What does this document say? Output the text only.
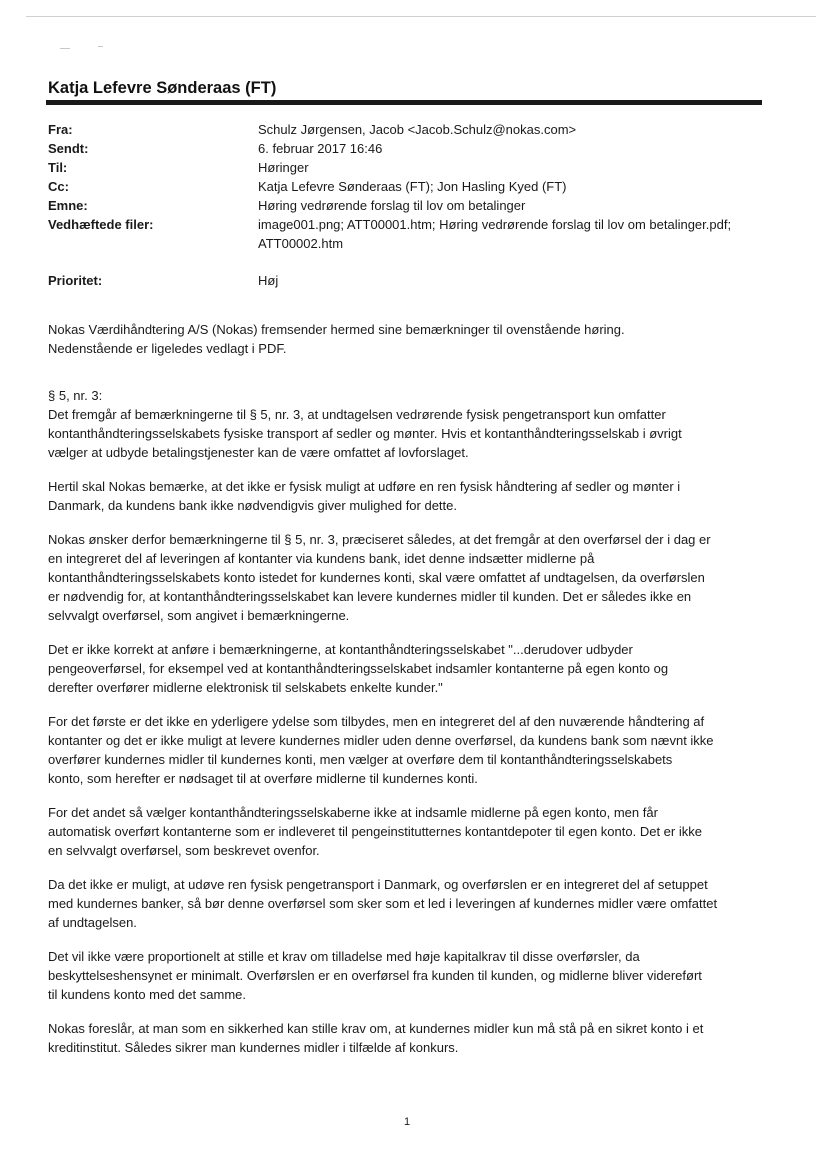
Katja Lefevre Sønderaas (FT)
Fra:	Schulz Jørgensen, Jacob <Jacob.Schulz@nokas.com>
Sendt:	6. februar 2017 16:46
Til:	Høringer
Cc:	Katja Lefevre Sønderaas (FT); Jon Hasling Kyed (FT)
Emne:	Høring vedrørende forslag til lov om betalinger
Vedhæftede filer:	image001.png; ATT00001.htm; Høring vedrørende forslag til lov om betalinger.pdf;
ATT00002.htm
Prioritet:	Høj

Nokas Værdihåndtering A/S (Nokas) fremsender hermed sine bemærkninger til ovenstående høring.
Nedenstående er ligeledes vedlagt i PDF.

§ 5, nr. 3:
Det fremgår af bemærkningerne til § 5, nr. 3, at undtagelsen vedrørende fysisk pengetransport kun omfatter
kontanthåndteringsselskabets fysiske transport af sedler og mønter. Hvis et kontanthåndteringsselskab i øvrigt
vælger at udbyde betalingstjenester kan de være omfattet af lovforslaget.

Hertil skal Nokas bemærke, at det ikke er fysisk muligt at udføre en ren fysisk håndtering af sedler og mønter i
Danmark, da kundens bank ikke nødvendigvis giver mulighed for dette.

Nokas ønsker derfor bemærkningerne til § 5, nr. 3, præciseret således, at det fremgår at den overførsel der i dag er
en integreret del af leveringen af kontanter via kundens bank, idet denne indsætter midlerne på
kontanthåndteringsselskabets konto istedet for kundernes konti, skal være omfattet af undtagelsen, da overførslen
er nødvendig for, at kontanthåndteringsselskabet kan levere kundernes midler til kunden. Det er således ikke en
selvvalgt overførsel, som angivet i bemærkningerne.

Det er ikke korrekt at anføre i bemærkningerne, at kontanthåndteringsselskabet "...derudover udbyder
pengeoverførsel, for eksempel ved at kontanthåndteringsselskabet indsamler kontanterne på egen konto og
derefter overfører midlerne elektronisk til selskabets enkelte kunder."

For det første er det ikke en yderligere ydelse som tilbydes, men en integreret del af den nuværende håndtering af
kontanter og det er ikke muligt at levere kundernes midler uden denne overførsel, da kundens bank som nævnt ikke
overfører kundernes midler til kundernes konti, men vælger at overføre dem til kontanthåndteringsselskabets
konto, som herefter er nødsaget til at overføre midlerne til kundernes konti.

For det andet så vælger kontanthåndteringsselskaberne ikke at indsamle midlerne på egen konto, men får
automatisk overført kontanterne som er indleveret til pengeinstitutternes kontantdepoter til egen konto. Det er ikke
en selvvalgt overførsel, som beskrevet ovenfor.

Da det ikke er muligt, at udøve ren fysisk pengetransport i Danmark, og overførslen er en integreret del af setuppet
med kundernes banker, så bør denne overførsel som sker som et led i leveringen af kundernes midler være omfattet
af undtagelsen.

Det vil ikke være proportionelt at stille et krav om tilladelse med høje kapitalkrav til disse overførsler, da
beskyttelseshensynet er minimalt. Overførslen er en overførsel fra kunden til kunden, og midlerne bliver videreført
til kundens konto med det samme.

Nokas foreslår, at man som en sikkerhed kan stille krav om, at kundernes midler kun må stå på en sikret konto i et
kreditinstitut. Således sikrer man kundernes midler i tilfælde af konkurs.

1
